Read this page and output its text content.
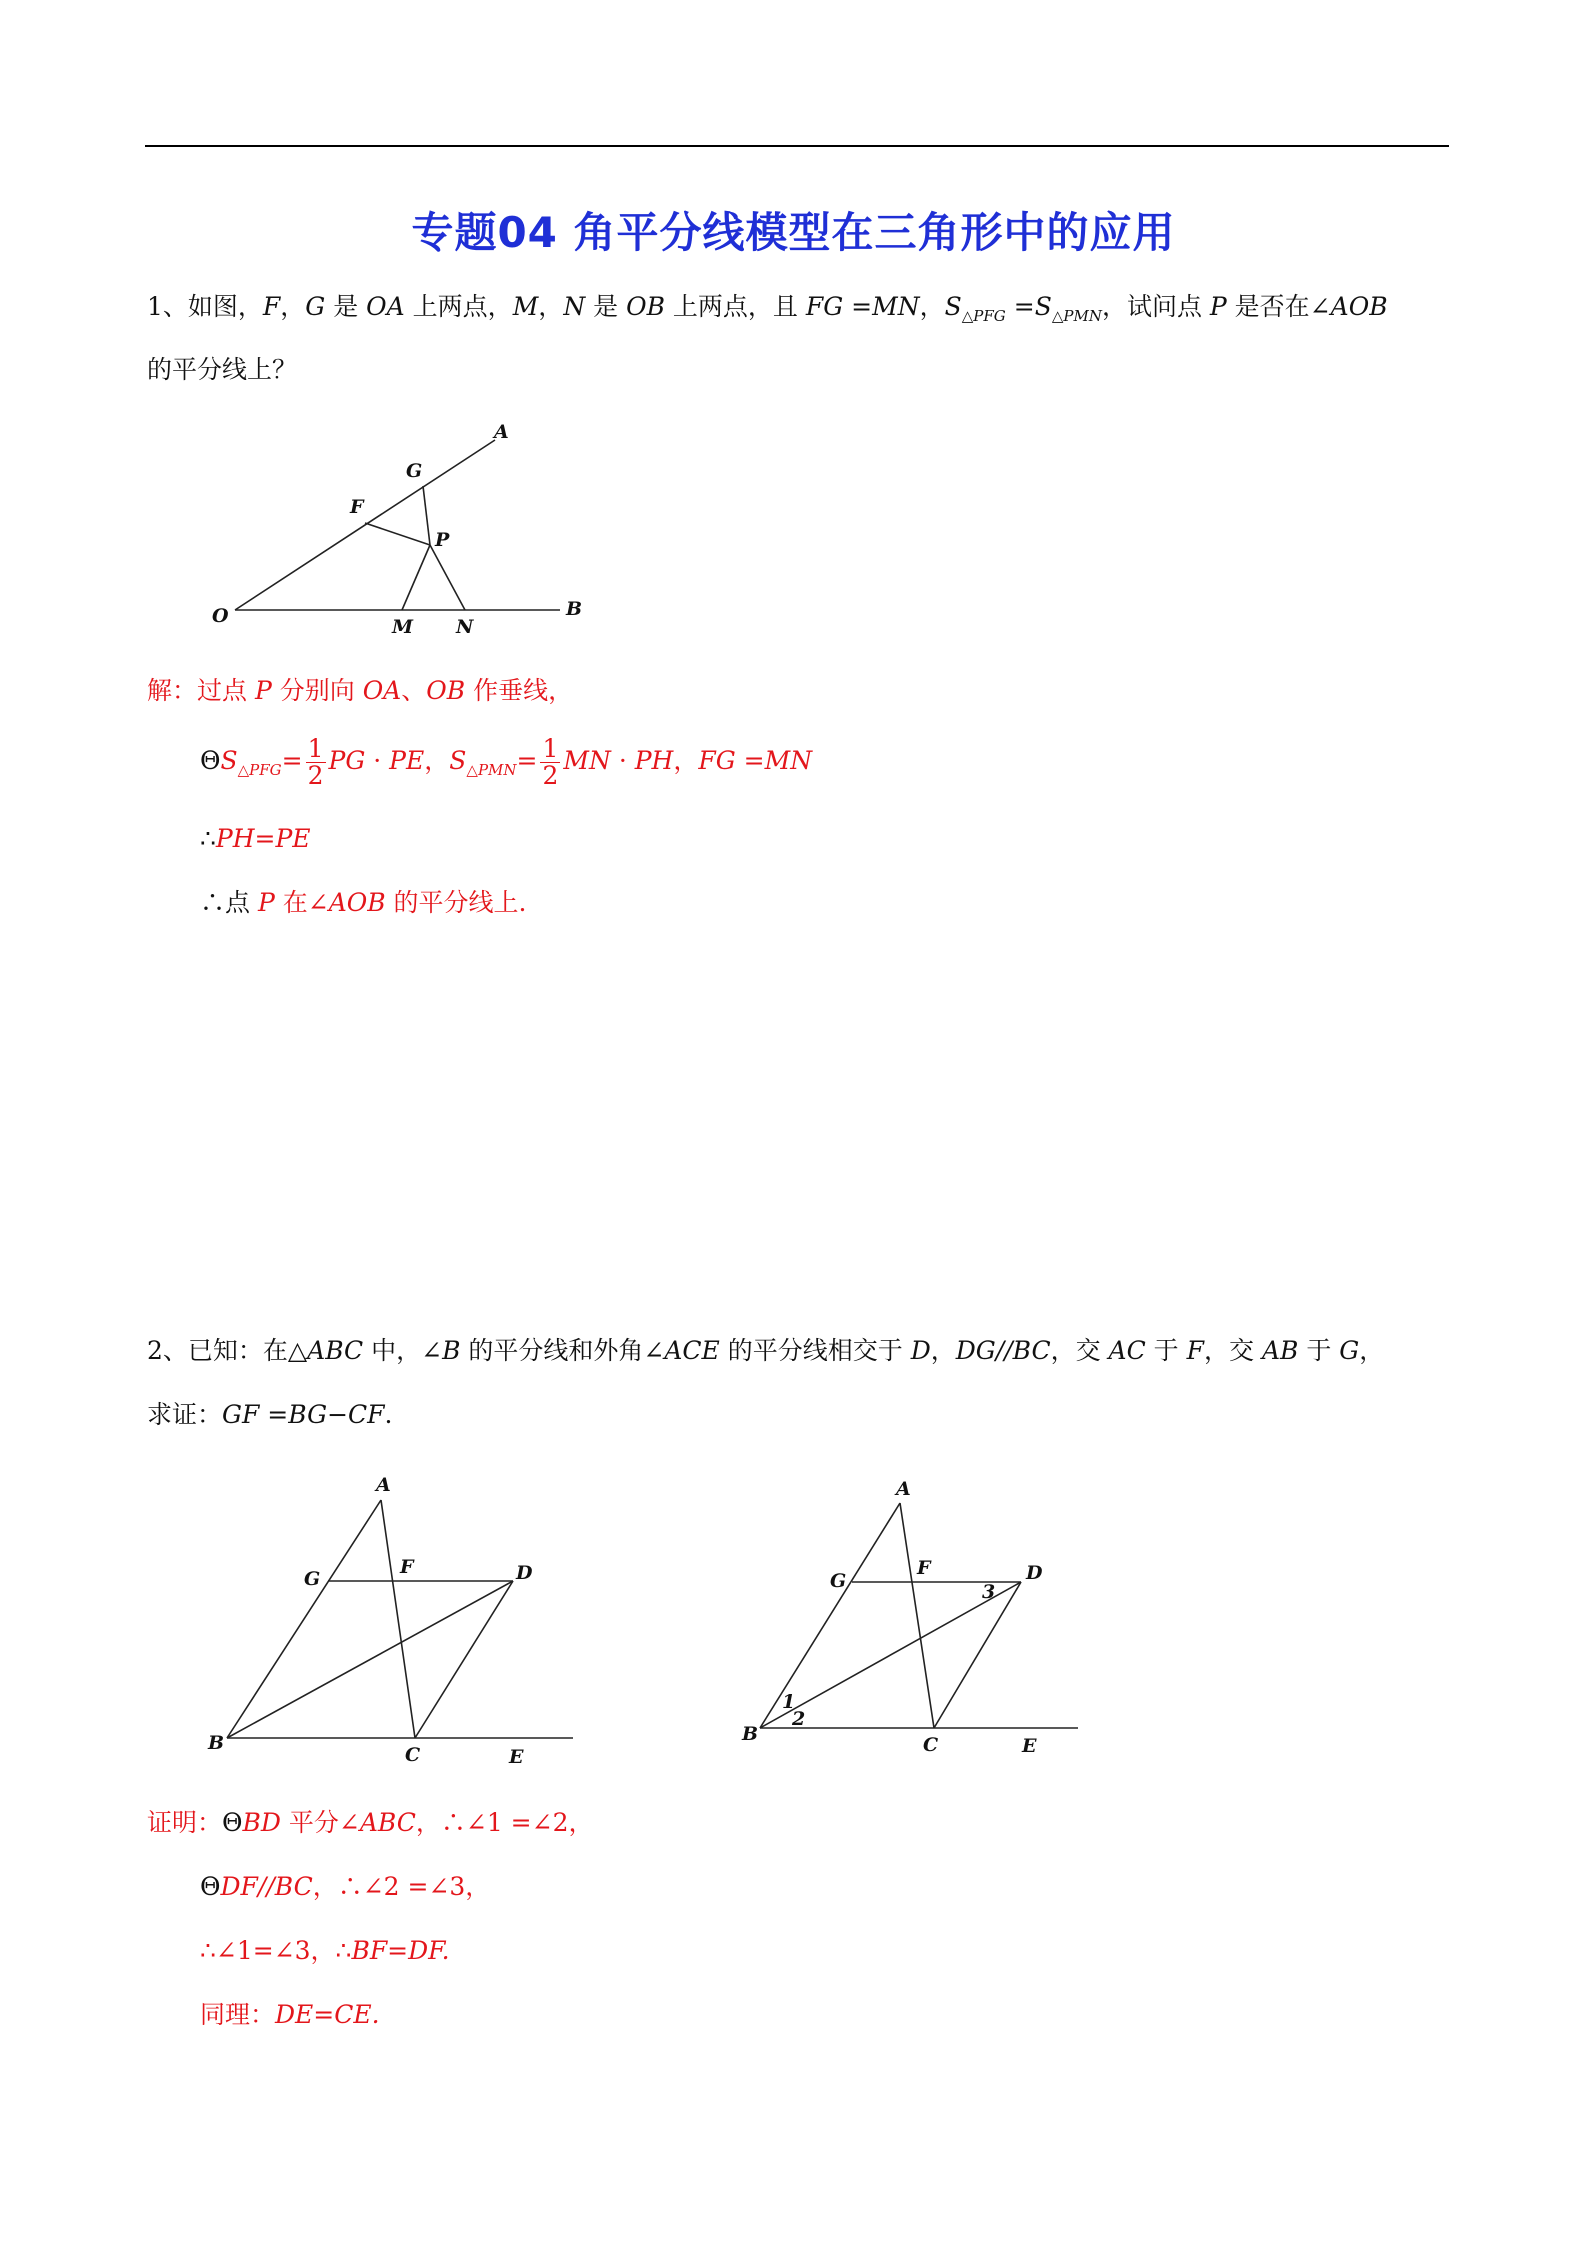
专题04 角平分线模型在三角形中的应用
1、如图，F，G 是 OA 上两点，M，N 是 OB 上两点，且 FG =MN，$S_{\triangle PFG} =S_{\triangle PMN}$，试问点 P 是否在∠AOB
的平分线上？
A
G
F
P
O	M N
B
解：过点 P 分别向 OA、OB 作垂线，
$\Theta S_{\triangle PFG}= \frac{1}{2}$ PG · PE，$S_{\triangle PMN}= \frac{1}{2}$ MN · PH，FG =MN
∴PH=PE
∴点 P 在∠AOB 的平分线上.
2、已知：在△ABC 中，∠B 的平分线和外角∠ACE 的平分线相交于 D，DG//BC，交 AC 于 F，交 AB 于 G，
求证：GF =BG−CF.
A
G
F	D
B
C	E
A
G
F	D
3
1
2
B	C	E
证明：ΘBD 平分∠ABC，∴∠1 =∠2，
ΘDF//BC，∴∠2 =∠3，
∴∠1=∠3，∴BF=DF.
同理：DE=CE.
